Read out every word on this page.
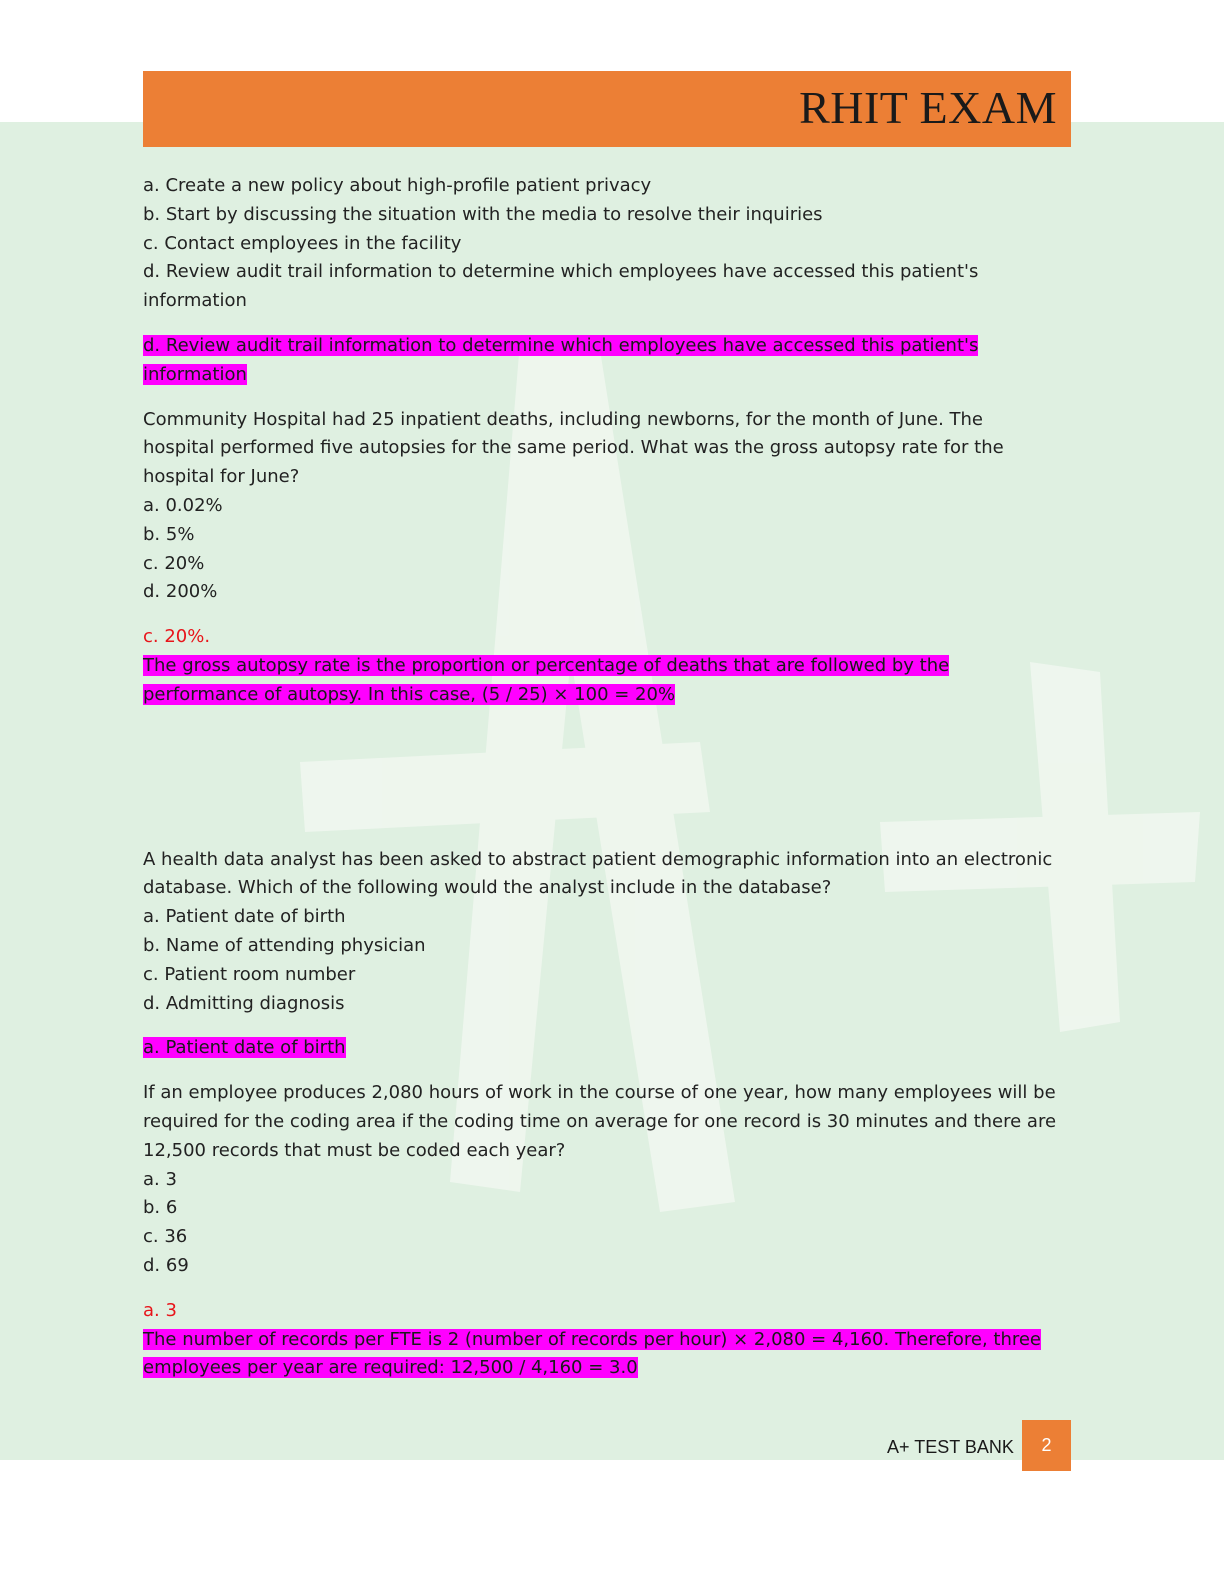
RHIT EXAM
a. Create a new policy about high-profile patient privacy
b. Start by discussing the situation with the media to resolve their inquiries
c. Contact employees in the facility
d. Review audit trail information to determine which employees have accessed this patient's
information
d. Review audit trail information to determine which employees have accessed this patient's
information
Community Hospital had 25 inpatient deaths, including newborns, for the month of June. The
hospital performed five autopsies for the same period. What was the gross autopsy rate for the
hospital for June?
a. 0.02%
b. 5%
c. 20%
d. 200%
c. 20%.
The gross autopsy rate is the proportion or percentage of deaths that are followed by the
performance of autopsy. In this case, (5 / 25) × 100 = 20%
A health data analyst has been asked to abstract patient demographic information into an electronic
database. Which of the following would the analyst include in the database?
a. Patient date of birth
b. Name of attending physician
c. Patient room number
d. Admitting diagnosis
a. Patient date of birth
If an employee produces 2,080 hours of work in the course of one year, how many employees will be
required for the coding area if the coding time on average for one record is 30 minutes and there are
12,500 records that must be coded each year?
a. 3
b. 6
c. 36
d. 69
a. 3
The number of records per FTE is 2 (number of records per hour) × 2,080 = 4,160. Therefore, three
employees per year are required: 12,500 / 4,160 = 3.0
A+ TEST BANK	2
